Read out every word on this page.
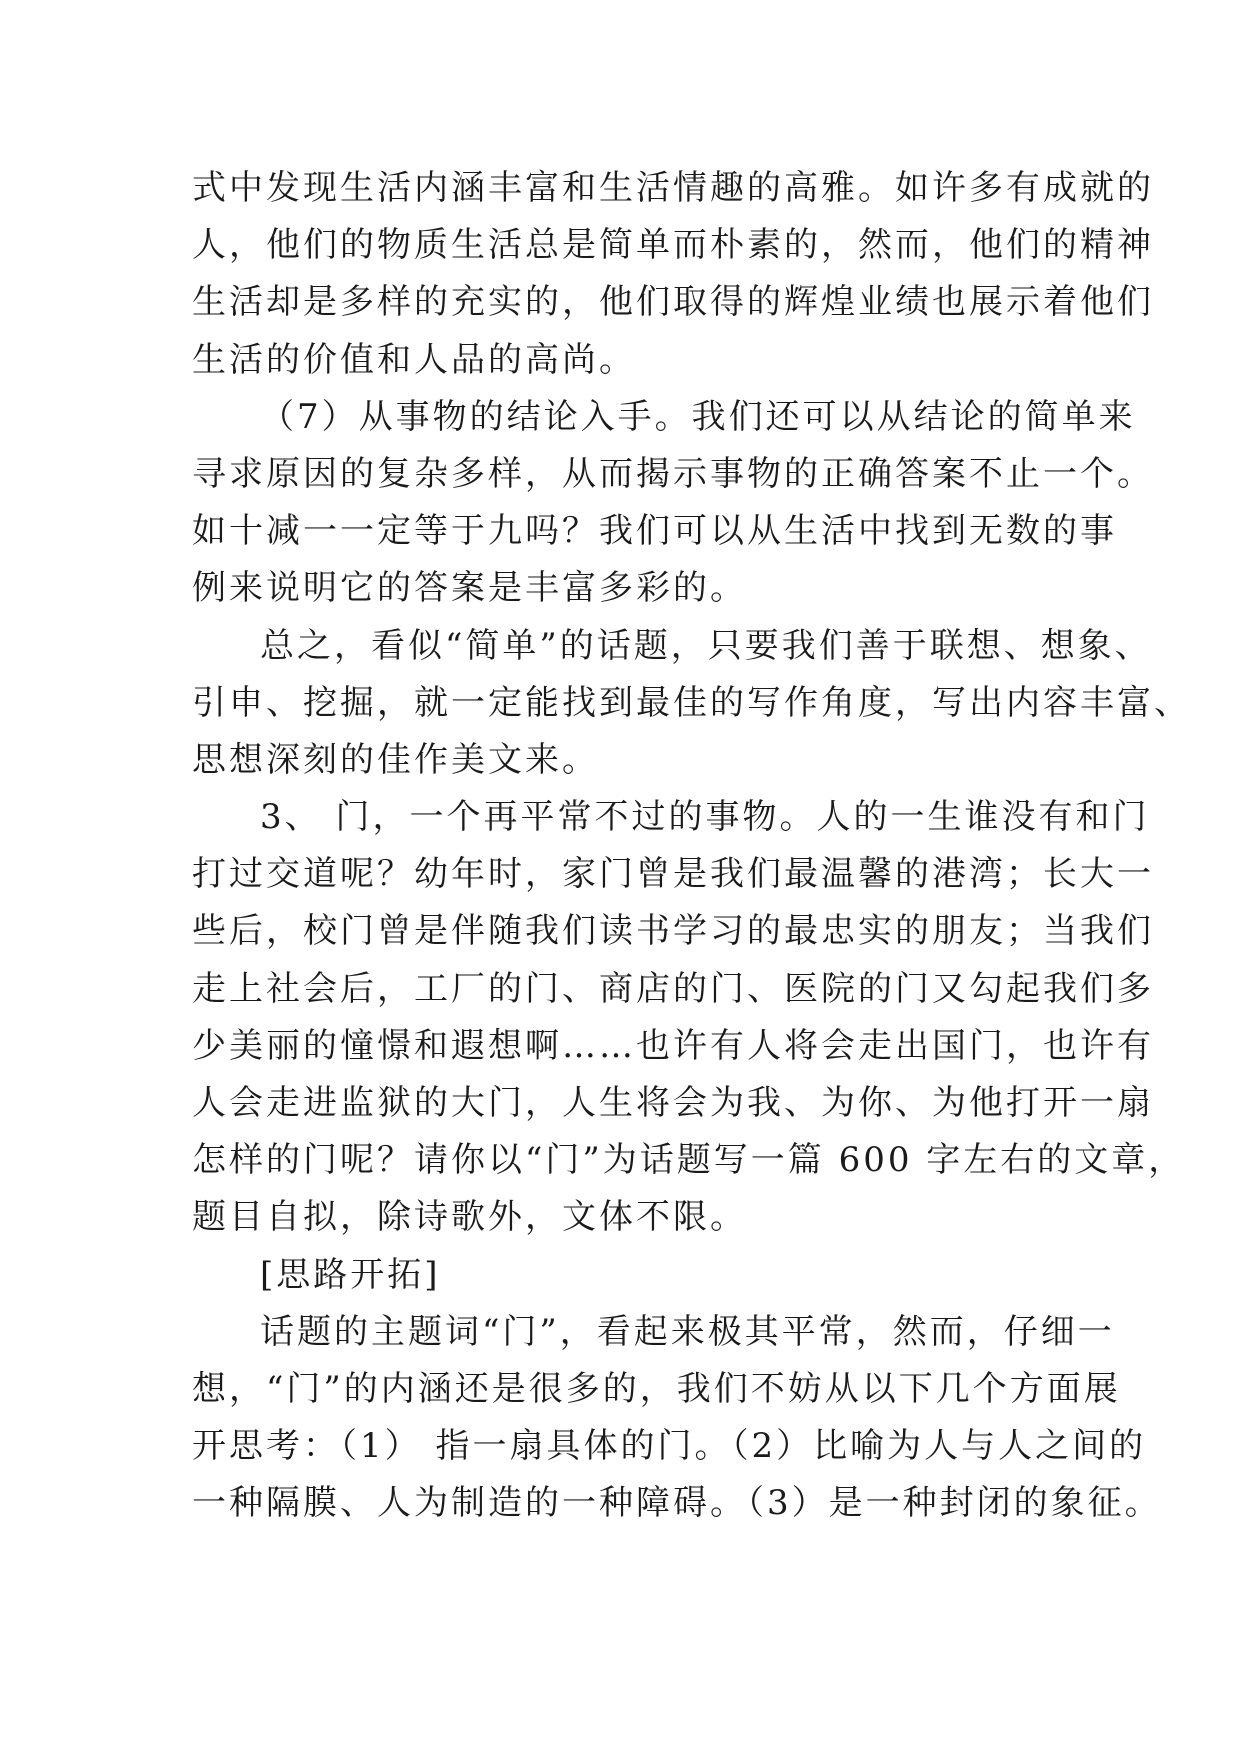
式中发现生活内涵丰富和生活情趣的高雅。如许多有成就的
人，他们的物质生活总是简单而朴素的，然而，他们的精神
生活却是多样的充实的，他们取得的辉煌业绩也展示着他们
生活的价值和人品的高尚。
（7）从事物的结论入手。我们还可以从结论的简单来
寻求原因的复杂多样，从而揭示事物的正确答案不止一个。
如十减一一定等于九吗？我们可以从生活中找到无数的事
例来说明它的答案是丰富多彩的。
总之，看似“简单”的话题，只要我们善于联想、想象、
引申、挖掘，就一定能找到最佳的写作角度，写出内容丰富、
思想深刻的佳作美文来。
3、 门，一个再平常不过的事物。人的一生谁没有和门
打过交道呢？幼年时，家门曾是我们最温馨的港湾；长大一
些后，校门曾是伴随我们读书学习的最忠实的朋友；当我们
走上社会后，工厂的门、商店的门、医院的门又勾起我们多
少美丽的憧憬和遐想啊……也许有人将会走出国门，也许有
人会走进监狱的大门，人生将会为我、为你、为他打开一扇
怎样的门呢？请你以“门”为话题写一篇 600 字左右的文章，
题目自拟，除诗歌外，文体不限。
[思路开拓]
话题的主题词“门”，看起来极其平常，然而，仔细一
想，“门”的内涵还是很多的，我们不妨从以下几个方面展
开思考：（1） 指一扇具体的门。（2）比喻为人与人之间的
一种隔膜、人为制造的一种障碍。（3）是一种封闭的象征。
